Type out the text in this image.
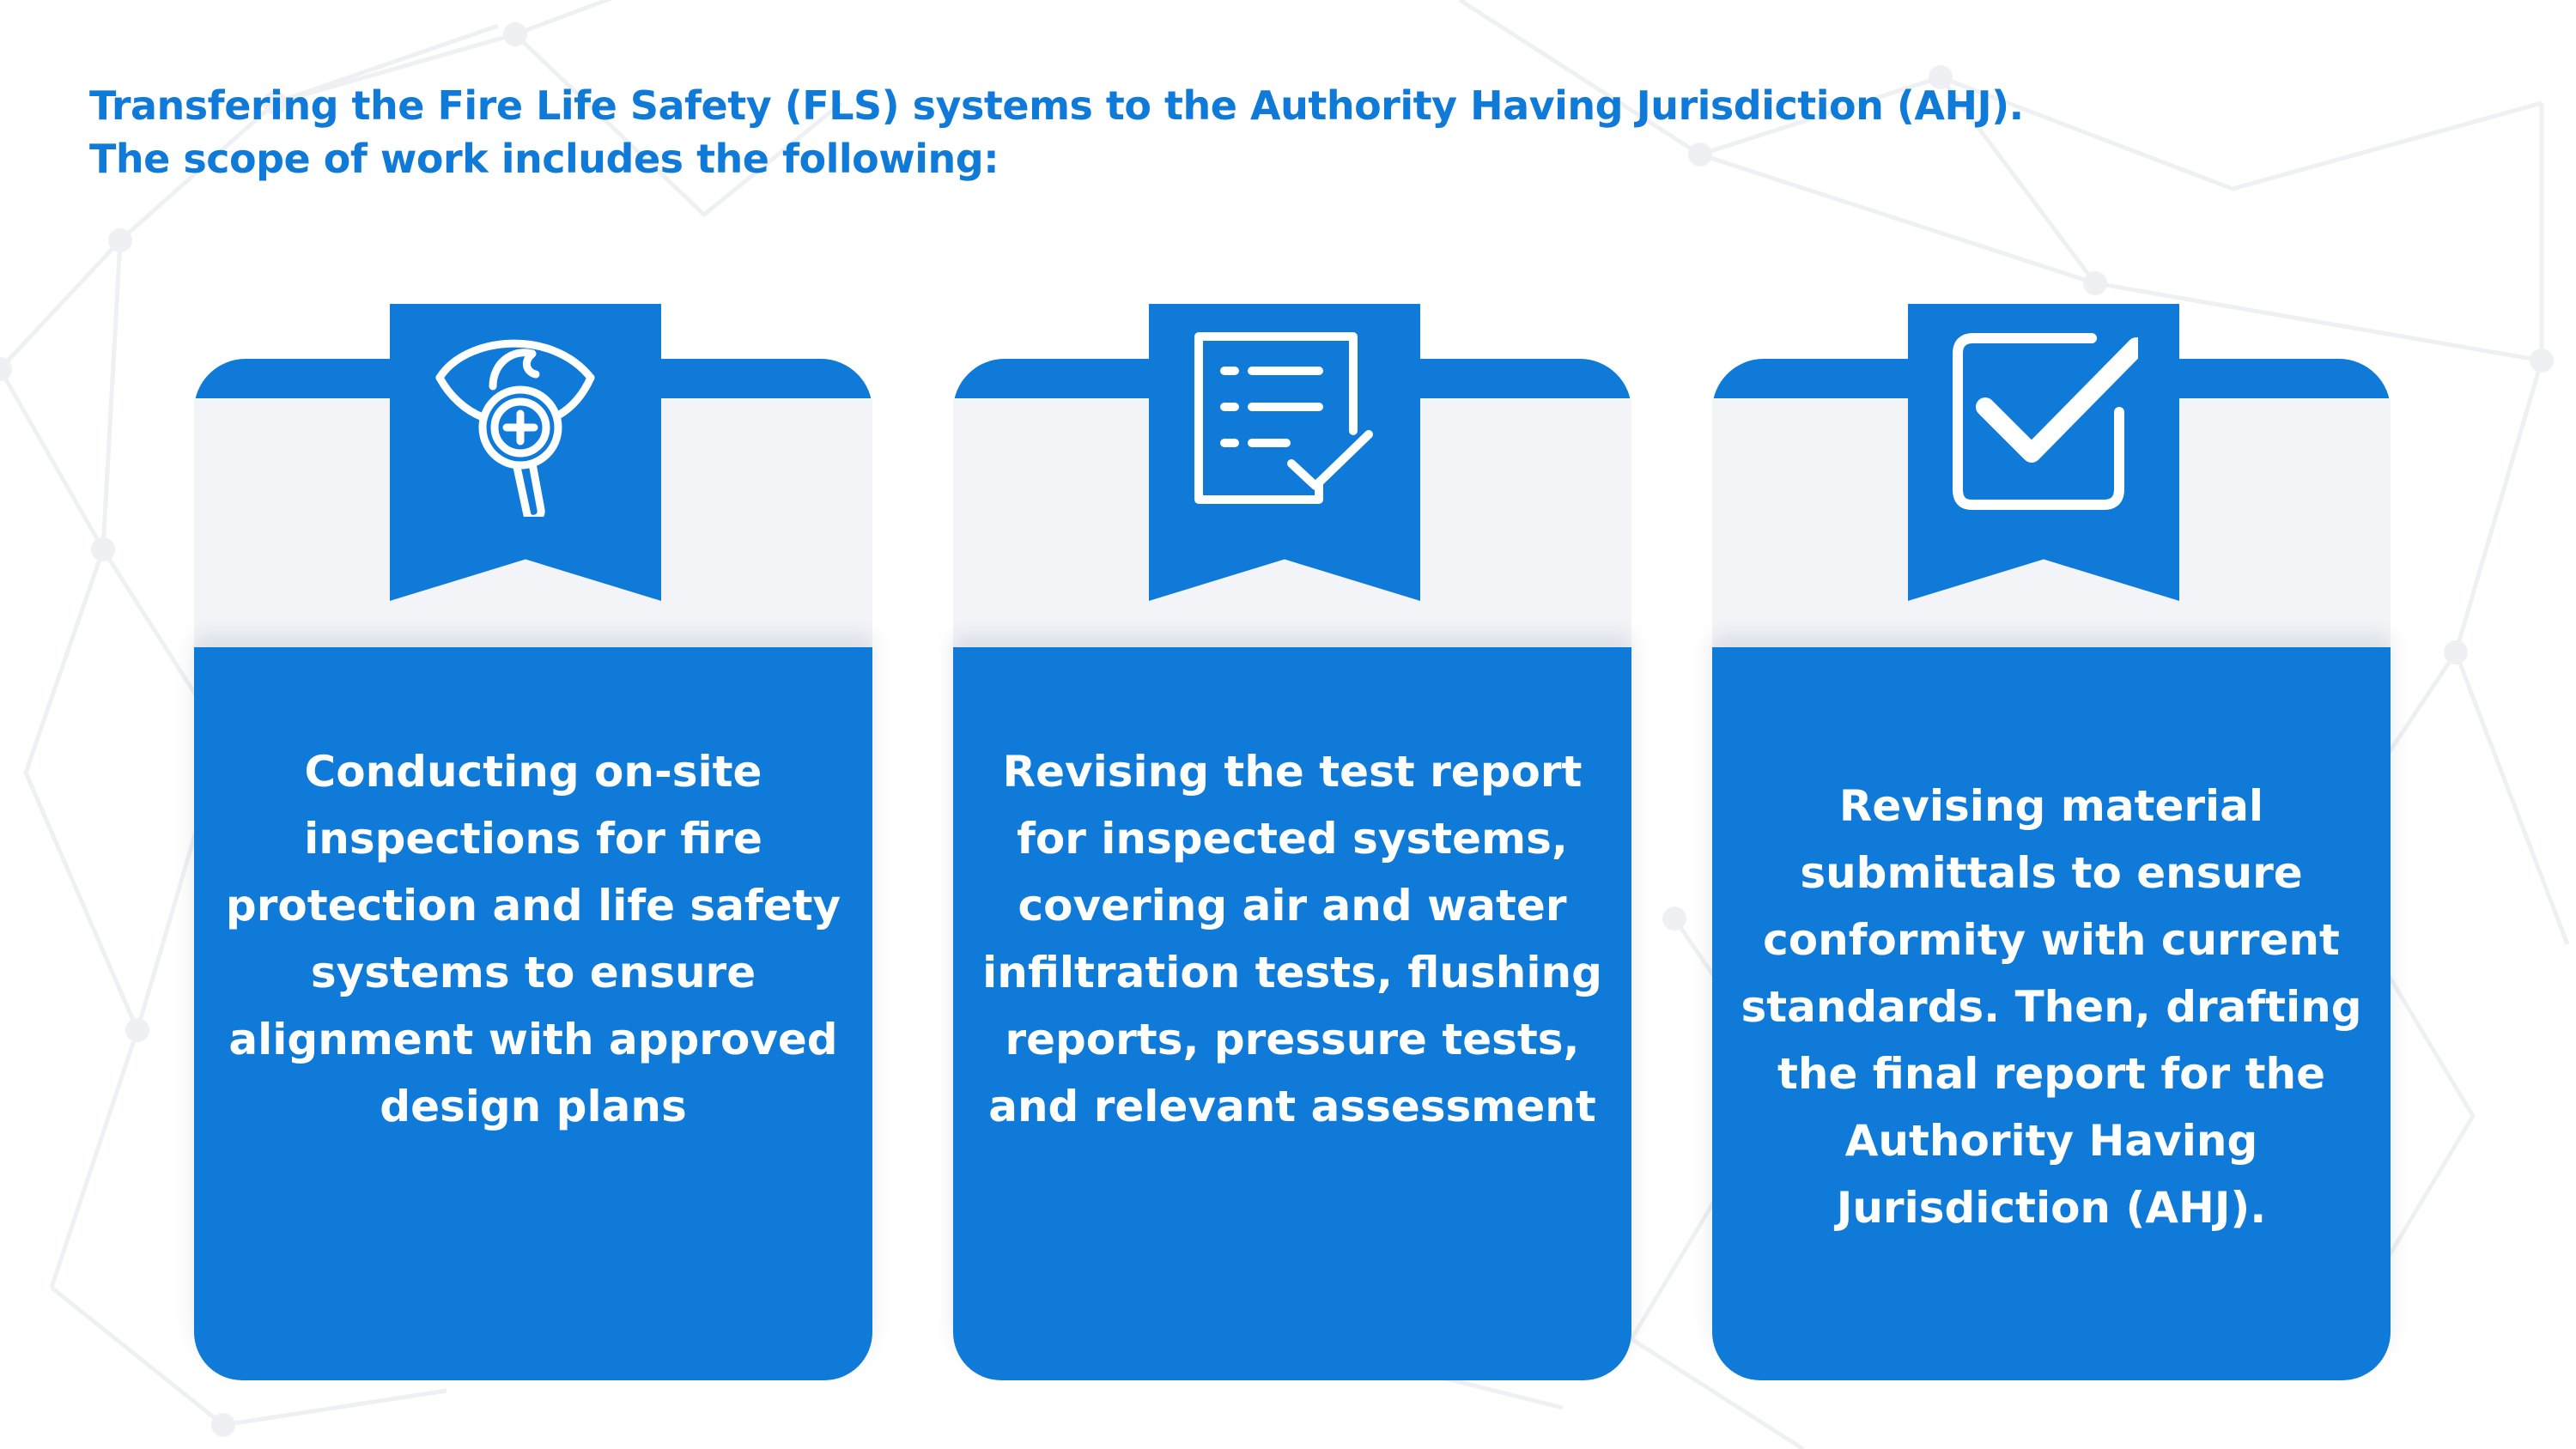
Transfering the Fire Life Safety (FLS) systems to the Authority Having Jurisdiction (AHJ).
The scope of work includes the following:
Conducting on-site inspections for fire protection and life safety systems to ensure alignment with approved design plans
Revising the test report for inspected systems, covering air and water infiltration tests, flushing reports, pressure tests, and relevant assessment
Revising material submittals to ensure conformity with current standards. Then, drafting the final report for the Authority Having Jurisdiction (AHJ).
